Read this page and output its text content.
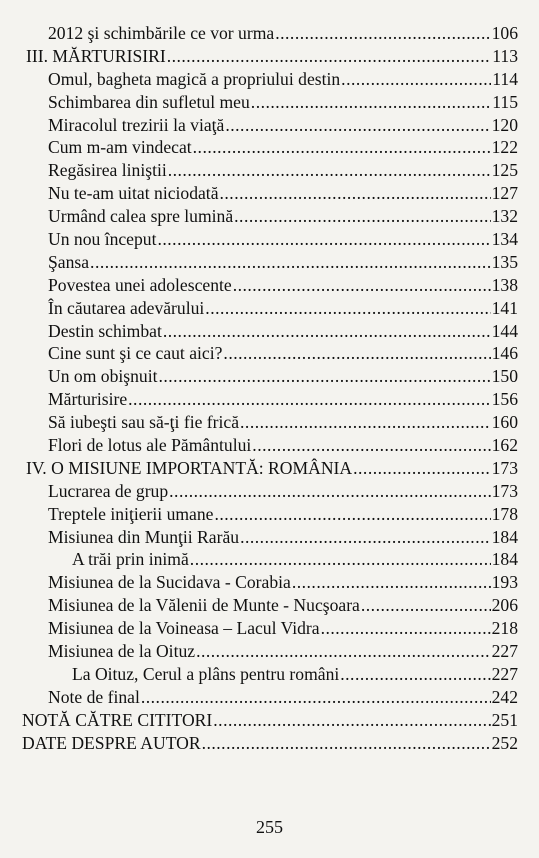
2012 şi schimbările ce vor urma .....	106
III. MĂRTURISIRI .....	113
Omul, bagheta magică a propriului destin .....	114
Schimbarea din sufletul meu .....	115
Miracolul trezirii la viaţă .....	120
Cum m-am vindecat .....	122
Regăsirea liniştii .....	125
Nu te-am uitat niciodată .....	127
Urmând calea spre lumină .....	132
Un nou început .....	134
Şansa .....	135
Povestea unei adolescente .....	138
În căutarea adevărului .....	141
Destin schimbat .....	144
Cine sunt şi ce caut aici? .....	146
Un om obişnuit .....	150
Mărturisire .....	156
Să iubeşti sau să-ţi fie frică .....	160
Flori de lotus ale Pământului .....	162
IV. O MISIUNE IMPORTANTĂ: ROMÂNIA .....	173
Lucrarea de grup .....	173
Treptele iniţierii umane .....	178
Misiunea din Munţii Rarău .....	184
A trăi prin inimă .....	184
Misiunea de la Sucidava - Corabia .....	193
Misiunea de la Vălenii de Munte - Nucşoara .....	206
Misiunea de la Voineasa – Lacul Vidra .....	218
Misiunea de la Oituz .....	227
La Oituz, Cerul a plâns pentru români .....	227
Note de final .....	242
NOTĂ CĂTRE CITITORI .....	251
DATE DESPRE AUTOR .....	252
255
